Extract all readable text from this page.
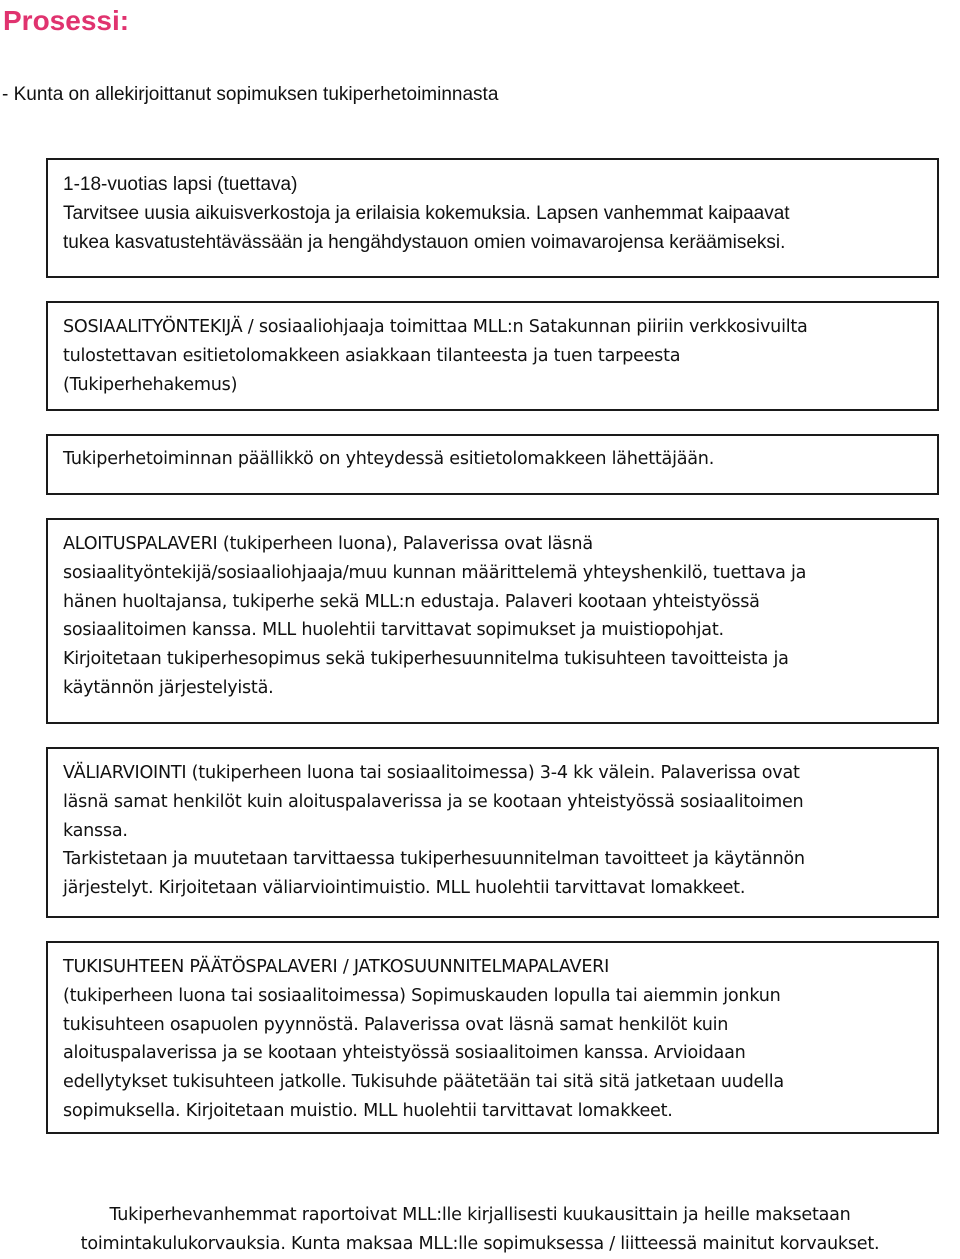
Prosessi:

- Kunta on allekirjoittanut sopimuksen tukiperhetoiminnasta

1-18-vuotias lapsi (tuettava)
Tarvitsee uusia aikuisverkostoja ja erilaisia kokemuksia. Lapsen vanhemmat kaipaavat
tukea kasvatustehtävässään ja hengähdystauon omien voimavarojensa keräämiseksi.
SOSIAALITYÖNTEKIJÄ / sosiaaliohjaaja toimittaa MLL:n Satakunnan piiriin verkkosivuilta
tulostettavan esitietolomakkeen asiakkaan tilanteesta ja tuen tarpeesta
(Tukiperhehakemus)
Tukiperhetoiminnan päällikkö on yhteydessä esitietolomakkeen lähettäjään.
ALOITUSPALAVERI (tukiperheen luona), Palaverissa ovat läsnä
sosiaalityöntekijä/sosiaaliohjaaja/muu kunnan määrittelemä yhteyshenkilö, tuettava ja
hänen huoltajansa, tukiperhe sekä MLL:n edustaja. Palaveri kootaan yhteistyössä
sosiaalitoimen kanssa. MLL huolehtii tarvittavat sopimukset ja muistiopohjat.
Kirjoitetaan tukiperhesopimus sekä tukiperhesuunnitelma tukisuhteen tavoitteista ja
käytännön järjestelyistä.
VÄLIARVIOINTI (tukiperheen luona tai sosiaalitoimessa) 3-4 kk välein. Palaverissa ovat
läsnä samat henkilöt kuin aloituspalaverissa ja se kootaan yhteistyössä sosiaalitoimen
kanssa.
Tarkistetaan ja muutetaan tarvittaessa tukiperhesuunnitelman tavoitteet ja käytännön
järjestelyt. Kirjoitetaan väliarviointimuistio. MLL huolehtii tarvittavat lomakkeet.
TUKISUHTEEN PÄÄTÖSPALAVERI / JATKOSUUNNITELMAPALAVERI
(tukiperheen luona tai sosiaalitoimessa) Sopimuskauden lopulla tai aiemmin jonkun
tukisuhteen osapuolen pyynnöstä. Palaverissa ovat läsnä samat henkilöt kuin
aloituspalaverissa ja se kootaan yhteistyössä sosiaalitoimen kanssa. Arvioidaan
edellytykset tukisuhteen jatkolle. Tukisuhde päätetään tai sitä sitä jatketaan uudella
sopimuksella. Kirjoitetaan muistio. MLL huolehtii tarvittavat lomakkeet.

Tukiperhevanhemmat raportoivat MLL:lle kirjallisesti kuukausittain ja heille maksetaan
toimintakulukorvauksia. Kunta maksaa MLL:lle sopimuksessa / liitteessä mainitut korvaukset.
